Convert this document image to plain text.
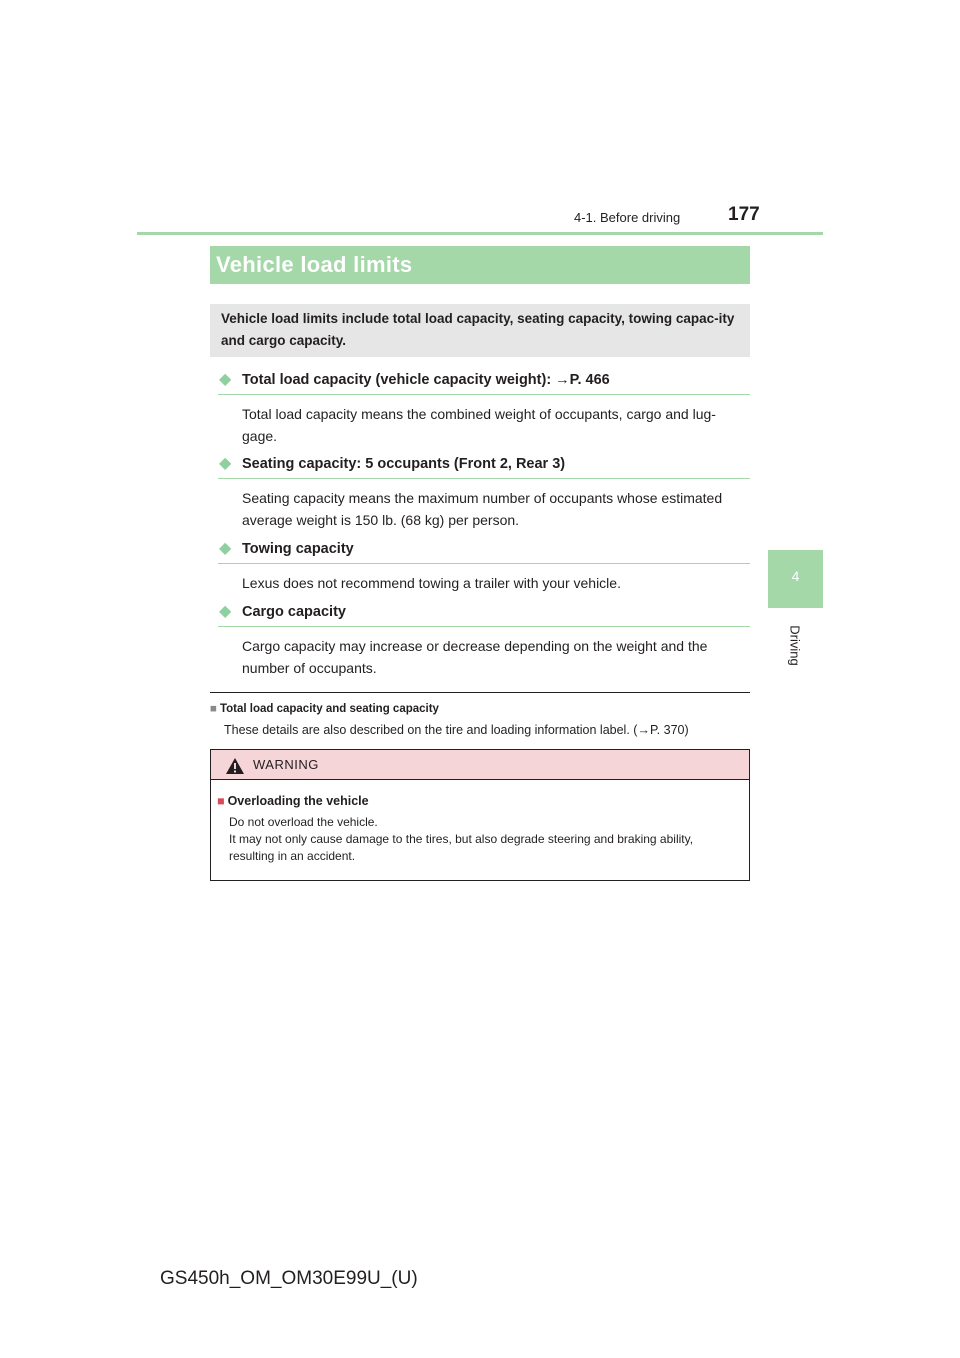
4-1. Before driving	177
4
Driving
Vehicle load limits
Vehicle load limits include total load capacity, seating capacity, towing capac-ity and cargo capacity.
◆ Total load capacity (vehicle capacity weight): →P. 466
Total load capacity means the combined weight of occupants, cargo and lug-gage.
◆ Seating capacity: 5 occupants (Front 2, Rear 3)
Seating capacity means the maximum number of occupants whose estimated average weight is 150 lb. (68 kg) per person.
◆ Towing capacity
Lexus does not recommend towing a trailer with your vehicle.
◆ Cargo capacity
Cargo capacity may increase or decrease depending on the weight and the number of occupants.
■ Total load capacity and seating capacity
These details are also described on the tire and loading information label. (→P. 370)
WARNING
■ Overloading the vehicle
Do not overload the vehicle.
It may not only cause damage to the tires, but also degrade steering and braking ability,
resulting in an accident.
GS450h_OM_OM30E99U_(U)
